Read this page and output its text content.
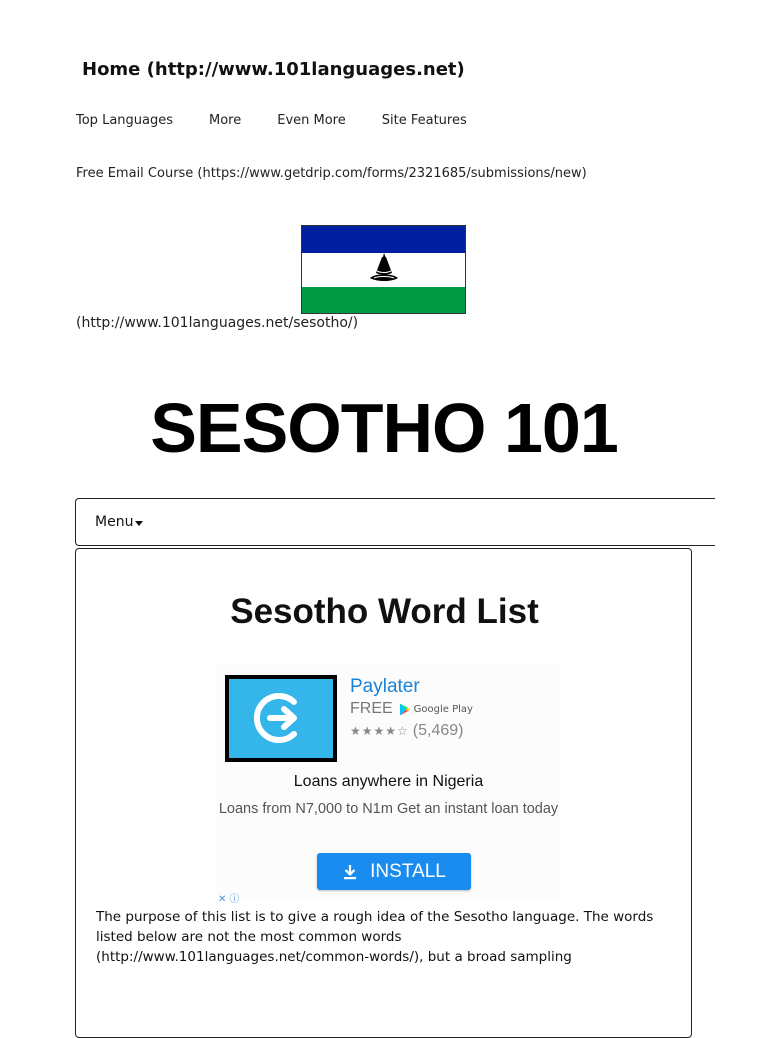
Home (http://www.101languages.net)
Top Languages	More	Even More	Site Features
Free Email Course (https://www.getdrip.com/forms/2321685/submissions/new)
(http://www.101languages.net/sesotho/)
SESOTHO 101
Menu
Sesotho Word List
Paylater
FREE Google Play
★★★★☆ (5,469)
Loans anywhere in Nigeria
Loans from N7,000 to N1m Get an instant loan today
INSTALL
✕ ⓘ

The purpose of this list is to give a rough idea of the Sesotho language. The words listed below are not the most common words (http://www.101languages.net/common-words/), but a broad sampling
